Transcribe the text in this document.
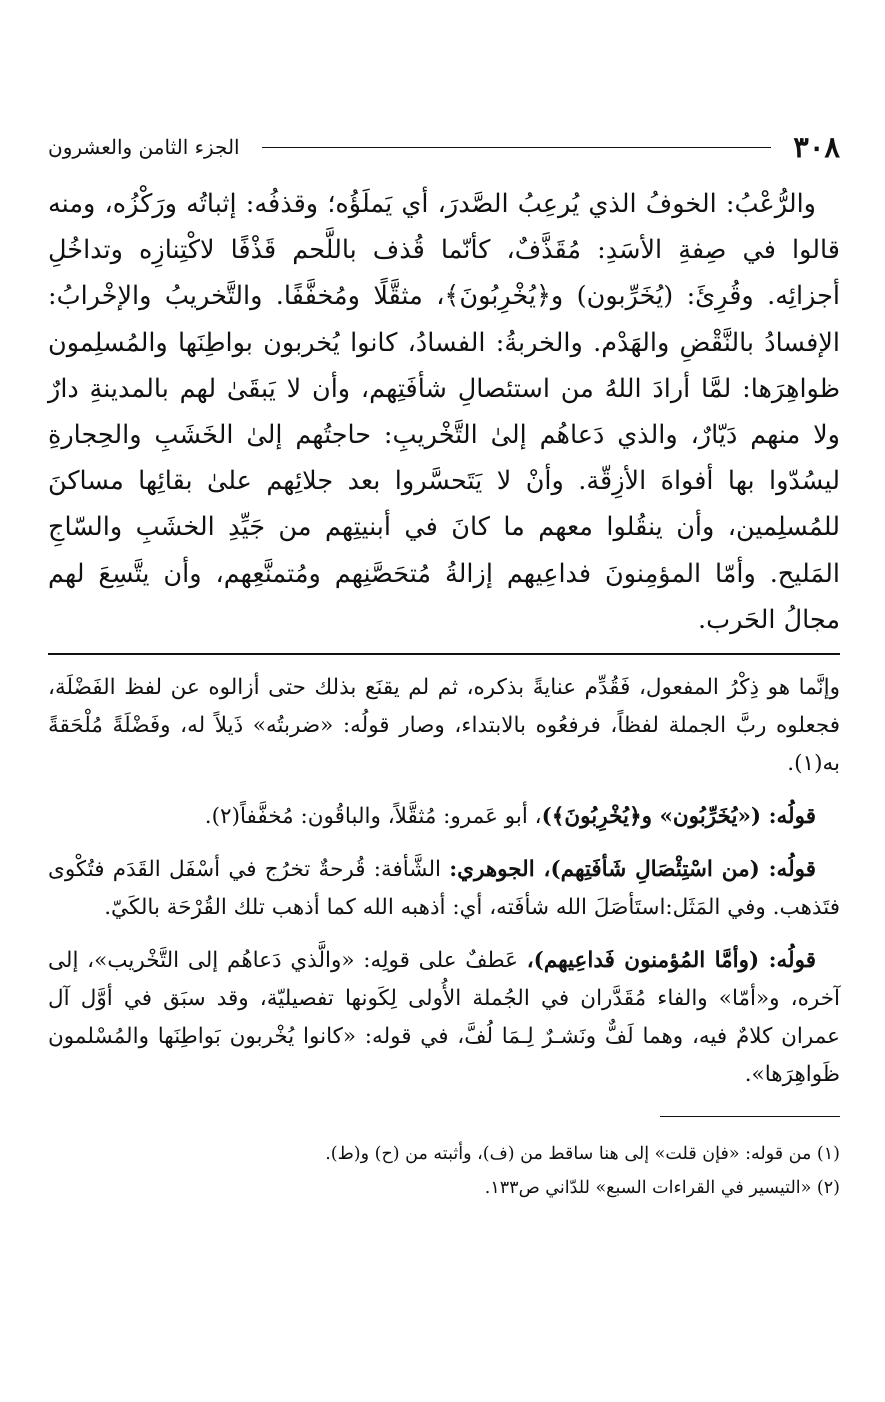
٣٠٨
الجزء الثامن والعشرون

والرُّعْبُ: الخوفُ الذي يُرعِبُ الصَّدرَ، أي يَملَؤُه؛ وقذفُه: إثباتُه ورَكْزُه، ومنه قالوا في صِفةِ الأسَدِ: مُقَذَّفٌ، كأنّما قُذف باللَّحم قَذْفًا لاكْتِنازِه وتداخُلِ أجزائِه. وقُرِئَ: (يُخَرِّبون) و﴿يُخْرِبُونَ﴾، مثقَّلًا ومُخفَّفًا. والتَّخريبُ والإخْرابُ: الإفسادُ بالنَّقْضِ والهَدْم. والخربةُ: الفسادُ، كانوا يُخربون بواطِنَها والمُسلِمون ظواهِرَها: لمَّا أرادَ اللهُ من استئصالِ شأفَتِهم، وأن لا يَبقَىٰ لهم بالمدينةِ دارٌ ولا منهم دَيّارٌ، والذي دَعاهُم إلىٰ التَّخْريبِ: حاجتُهم إلىٰ الخَشَبِ والحِجارةِ ليسُدّوا بها أفواهَ الأزِقّة. وأنْ لا يَتَحسَّروا بعد جلائِهم علىٰ بقائِها مساكنَ للمُسلِمين، وأن ينقُلوا معهم ما كانَ في أبنيتِهم من جَيِّدِ الخشَبِ والسّاجِ المَليح. وأمّا المؤمِنونَ فداعِيهم إزالةُ مُتحَصَّنِهم ومُتمنَّعِهم، وأن يتَّسِعَ لهم مجالُ الحَرب.

وإنَّما هو ذِكْرُ المفعول، فَقُدِّم عنايةً بذكره، ثم لم يقنَع بذلك حتى أزالوه عن لفظ الفَضْلَة، فجعلوه ربَّ الجملة لفظاً، فرفعُوه بالابتداء، وصار قولُه: «ضربتُه» ذَيلاً له، وفَضْلَةً مُلْحَقةً به(١).

قولُه: («يُخَرِّبُون» و﴿يُخْرِبُونَ﴾)، أبو عَمرو: مُثقَّلاً، والباقُون: مُخفَّفاً(٢).

قولُه: (من اسْتِئْصَالِ شَأفَتِهم)، الجوهري: الشَّأفة: قُرحةٌ تخرُج في أسْفَل القَدَم فتُكْوى فتَذهب. وفي المَثَل:استَأصَلَ الله شأفَته، أي: أذهبه الله كما أذهب تلك القُرْحَة بالكَيّ.

قولُه: (وأمَّا المُؤمنون فَداعِيهم)، عَطفٌ على قولِه: «والَّذي دَعاهُم إلى التَّخْريب»، إلى آخره، و«أمّا» والفاء مُقَدَّران في الجُملة الأُولى لِكَونها تفصيليّة، وقد سبَق في أوَّل آل عمران كلامٌ فيه، وهما لَفٌّ ونَشـرٌ لِـمَا لُفَّ، في قوله: «كانوا يُخْربون بَواطِنَها والمُسْلمون ظَواهِرَها».

(١) من قوله: «فإن قلت» إلى هنا ساقط من (ف)، وأثبته من (ح) و(ط).

(٢) «التيسير في القراءات السبع» للدّاني ص١٣٣.
